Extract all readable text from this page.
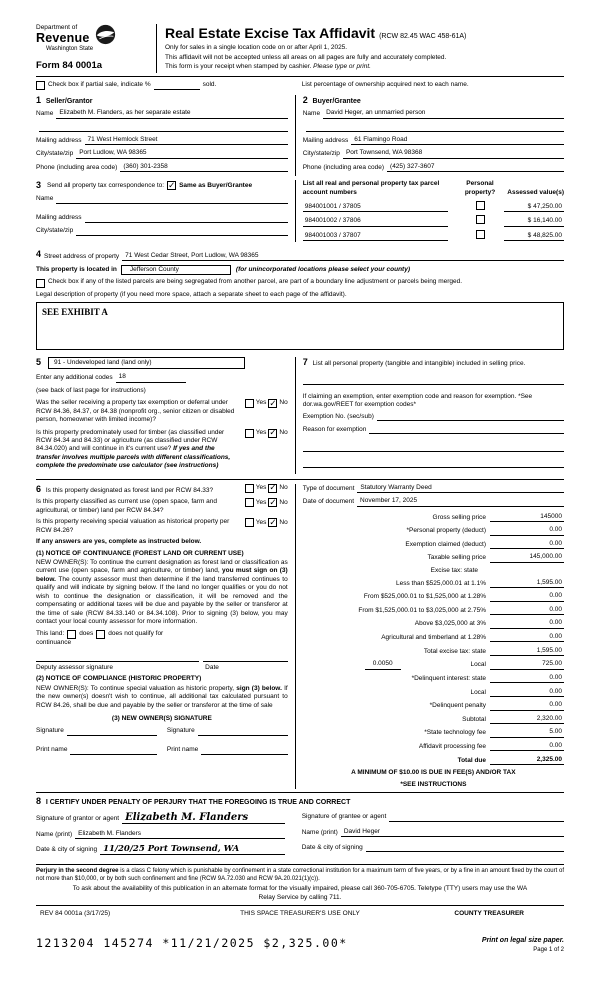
Department of
Revenue
Washington State
Form 84 0001a
Real Estate Excise Tax Affidavit (RCW 82.45 WAC 458-61A)
Only for sales in a single location code on or after April 1, 2025.
This affidavit will not be accepted unless all areas on all pages are fully and accurately completed.
This form is your receipt when stamped by cashier. Please type or print.
Check box if partial sale, indicate %	sold.	List percentage of ownership acquired next to each name.
1 Seller/Grantor
Name Elizabeth M. Flanders, as her separate estate
Mailing address 71 West Hemlock Street
City/state/zip Port Ludlow, WA 98365
Phone (including area code) (360) 301-2358
2 Buyer/Grantee
Name David Heger, an unmarried person
Mailing address 61 Flamingo Road
City/state/zip Port Townsend, WA 98368
Phone (including area code) (425) 327-3607
3 Send all property tax correspondence to: ✓ Same as Buyer/Grantee
Name
Mailing address
City/state/zip
List all real and personal property tax parcel account numbers	Personal property?	Assessed value(s)

984001001 / 37805		$ 47,250.00

984001002 / 37806		$ 16,140.00

984001003 / 37807		$ 48,825.00
4 Street address of property 71 West Cedar Street, Port Ludlow, WA 98365
This property is located in	Jefferson County	(for unincorporated locations please select your county)
Check box if any of the listed parcels are being segregated from another parcel, are part of a boundary line adjustment or parcels being merged.
Legal description of property (if you need more space, attach a separate sheet to each page of the affidavit).
SEE EXHIBIT A
5	91 - Undeveloped land (land only)
Enter any additional codes 18
(see back of last page for instructions)
Was the seller receiving a property tax exemption or deferral under RCW 84.36, 84.37, or 84.38 (nonprofit org., senior citizen or disabled person, homeowner with limited income)?
Yes ✓ No
Is this property predominately used for timber (as classified under RCW 84.34 and 84.33) or agriculture (as classified under RCW 84.34.020) and will continue in it's current use? If yes and the transfer involves multiple parcels with different classifications, complete the predominate use calculator (see instructions)
Yes ✓ No
7 List all personal property (tangible and intangible) included in selling price.
If claiming an exemption, enter exemption code and reason for exemption. *See dor.wa.gov/REET for exemption codes*
Exemption No. (sec/sub)
Reason for exemption
6 Is this property designated as forest land per RCW 84.33?	Yes ✓ No
Is this property classified as current use (open space, farm and agricultural, or timber) land per RCW 84.34?
Yes ✓ No
Is this property receiving special valuation as historical property per RCW 84.26?
Yes ✓ No
If any answers are yes, complete as instructed below.
(1) NOTICE OF CONTINUANCE (FOREST LAND OR CURRENT USE)
NEW OWNER(S): To continue the current designation as forest land or classification as current use (open space, farm and agriculture, or timber) land, you must sign on (3) below. The county assessor must then determine if the land transferred continues to qualify and will indicate by signing below. If the land no longer qualifies or you do not wish to continue the designation or classification, it will be removed and the compensating or additional taxes will be due and payable by the seller or transferor at the time of sale (RCW 84.33.140 or 84.34.108). Prior to signing (3) below, you may contact your local county assessor for more information.
This land: does does not qualify for
continuance
Deputy assessor signature	Date
(2) NOTICE OF COMPLIANCE (HISTORIC PROPERTY)
NEW OWNER(S): To continue special valuation as historic property, sign (3) below. If the new owner(s) doesn't wish to continue, all additional tax calculated pursuant to RCW 84.26, shall be due and payable by the seller or transferor at the time of sale
(3) NEW OWNER(S) SIGNATURE
Signature	Signature
Print name	Print name
Type of document Statutory Warranty Deed
Date of document November 17, 2025
Gross selling price	145000
*Personal property (deduct)	0.00
Exemption claimed (deduct)	0.00
Taxable selling price	145,000.00
Excise tax: state
Less than $525,000.01 at 1.1%	1,595.00
From $525,000.01 to $1,525,000 at 1.28%	0.00
From $1,525,000.01 to $3,025,000 at 2.75%	0.00
Above $3,025,000 at 3%	0.00
Agricultural and timberland at 1.28%	0.00
Total excise tax: state	1,595.00
0.0050	Local	725.00
*Delinquent interest: state	0.00
Local	0.00
*Delinquent penalty	0.00
Subtotal	2,320.00
*State technology fee	5.00
Affidavit processing fee	0.00
Total due	2,325.00
A MINIMUM OF $10.00 IS DUE IN FEE(S) AND/OR TAX
*SEE INSTRUCTIONS
8 I CERTIFY UNDER PENALTY OF PERJURY THAT THE FOREGOING IS TRUE AND CORRECT
Signature of grantor or agent Elizabeth M. Flanders
Name (print) Elizabeth M. Flanders
Date & city of signing 11/20/25 Port Townsend, WA
Signature of grantee or agent
Name (print) David Heger
Date & city of signing
Perjury in the second degree is a class C felony which is punishable by confinement in a state correctional institution for a maximum term of five years, or by a fine in an amount fixed by the court of not more than $10,000, or by both such confinement and fine (RCW 9A.72.030 and RCW 9A.20.021(1)(c)).
To ask about the availability of this publication in an alternate format for the visually impaired, please call 360-705-6705. Teletype (TTY) users may use the WA Relay Service by calling 711.
REV 84 0001a (3/17/25)	THIS SPACE TREASURER'S USE ONLY	COUNTY TREASURER
1213204 145274 *11/21/2025 $2,325.00*	Print on legal size paper.
Page 1 of 2
